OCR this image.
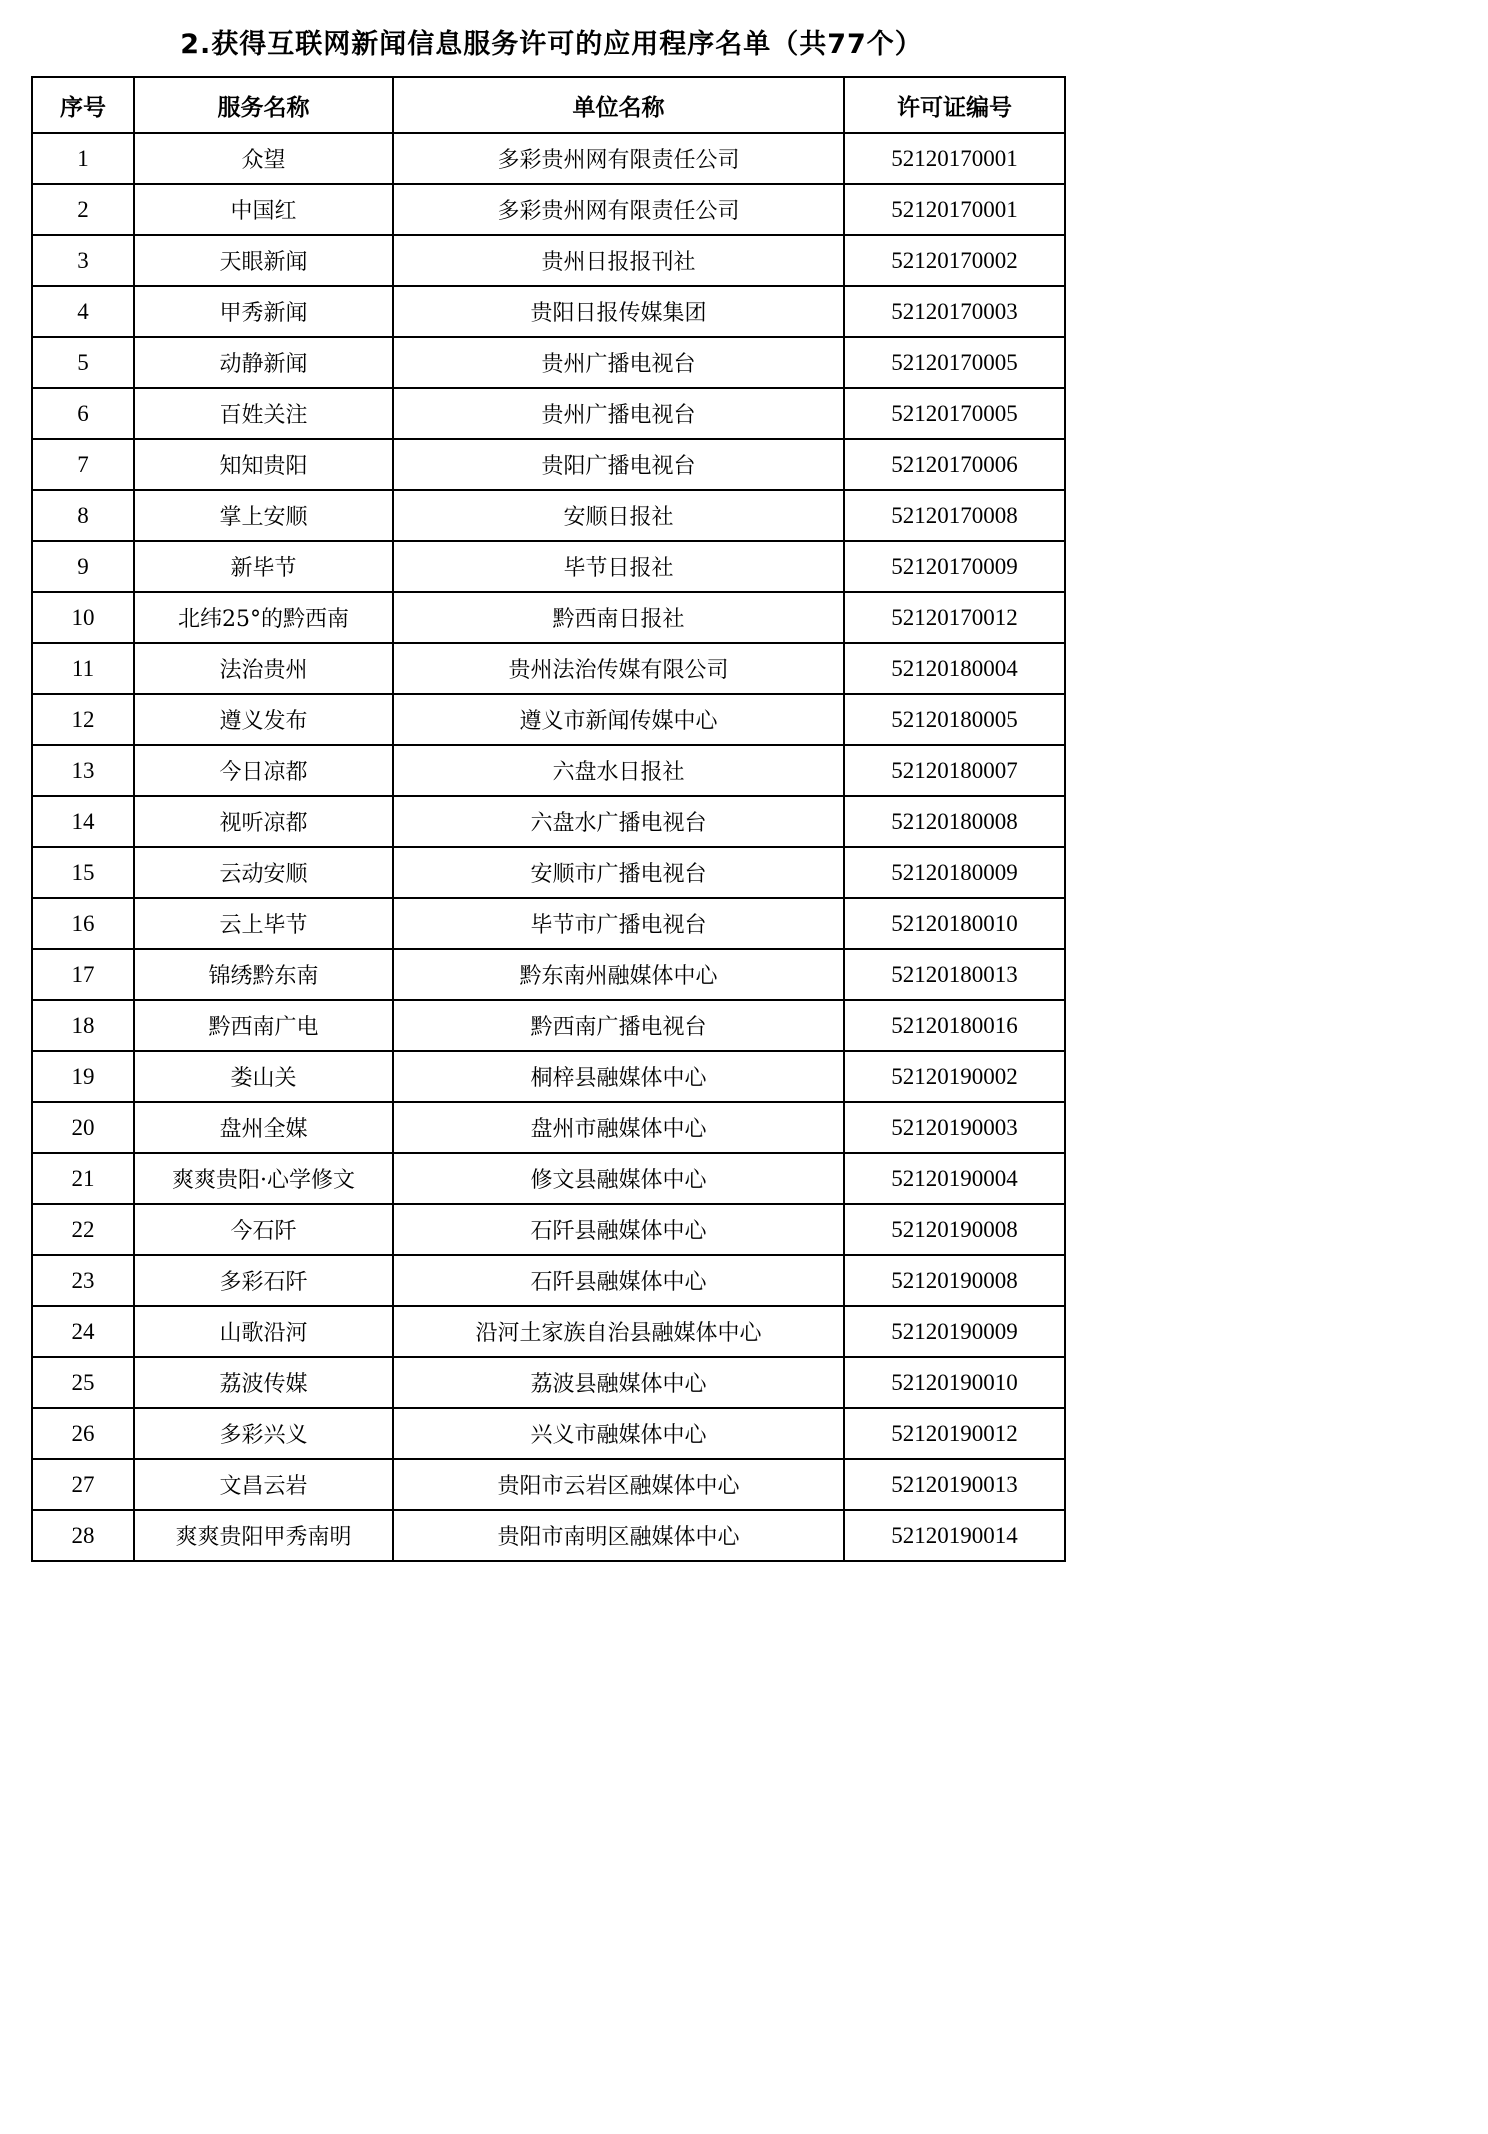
2.获得互联网新闻信息服务许可的应用程序名单（共77个）
序号	服务名称	单位名称	许可证编号
1	众望	多彩贵州网有限责任公司	52120170001
2	中国红	多彩贵州网有限责任公司	52120170001
3	天眼新闻	贵州日报报刊社	52120170002
4	甲秀新闻	贵阳日报传媒集团	52120170003
5	动静新闻	贵州广播电视台	52120170005
6	百姓关注	贵州广播电视台	52120170005
7	知知贵阳	贵阳广播电视台	52120170006
8	掌上安顺	安顺日报社	52120170008
9	新毕节	毕节日报社	52120170009
10	北纬25°的黔西南	黔西南日报社	52120170012
11	法治贵州	贵州法治传媒有限公司	52120180004
12	遵义发布	遵义市新闻传媒中心	52120180005
13	今日凉都	六盘水日报社	52120180007
14	视听凉都	六盘水广播电视台	52120180008
15	云动安顺	安顺市广播电视台	52120180009
16	云上毕节	毕节市广播电视台	52120180010
17	锦绣黔东南	黔东南州融媒体中心	52120180013
18	黔西南广电	黔西南广播电视台	52120180016
19	娄山关	桐梓县融媒体中心	52120190002
20	盘州全媒	盘州市融媒体中心	52120190003
21	爽爽贵阳·心学修文	修文县融媒体中心	52120190004
22	今石阡	石阡县融媒体中心	52120190008
23	多彩石阡	石阡县融媒体中心	52120190008
24	山歌沿河	沿河土家族自治县融媒体中心	52120190009
25	荔波传媒	荔波县融媒体中心	52120190010
26	多彩兴义	兴义市融媒体中心	52120190012
27	文昌云岩	贵阳市云岩区融媒体中心	52120190013
28	爽爽贵阳甲秀南明	贵阳市南明区融媒体中心	52120190014
